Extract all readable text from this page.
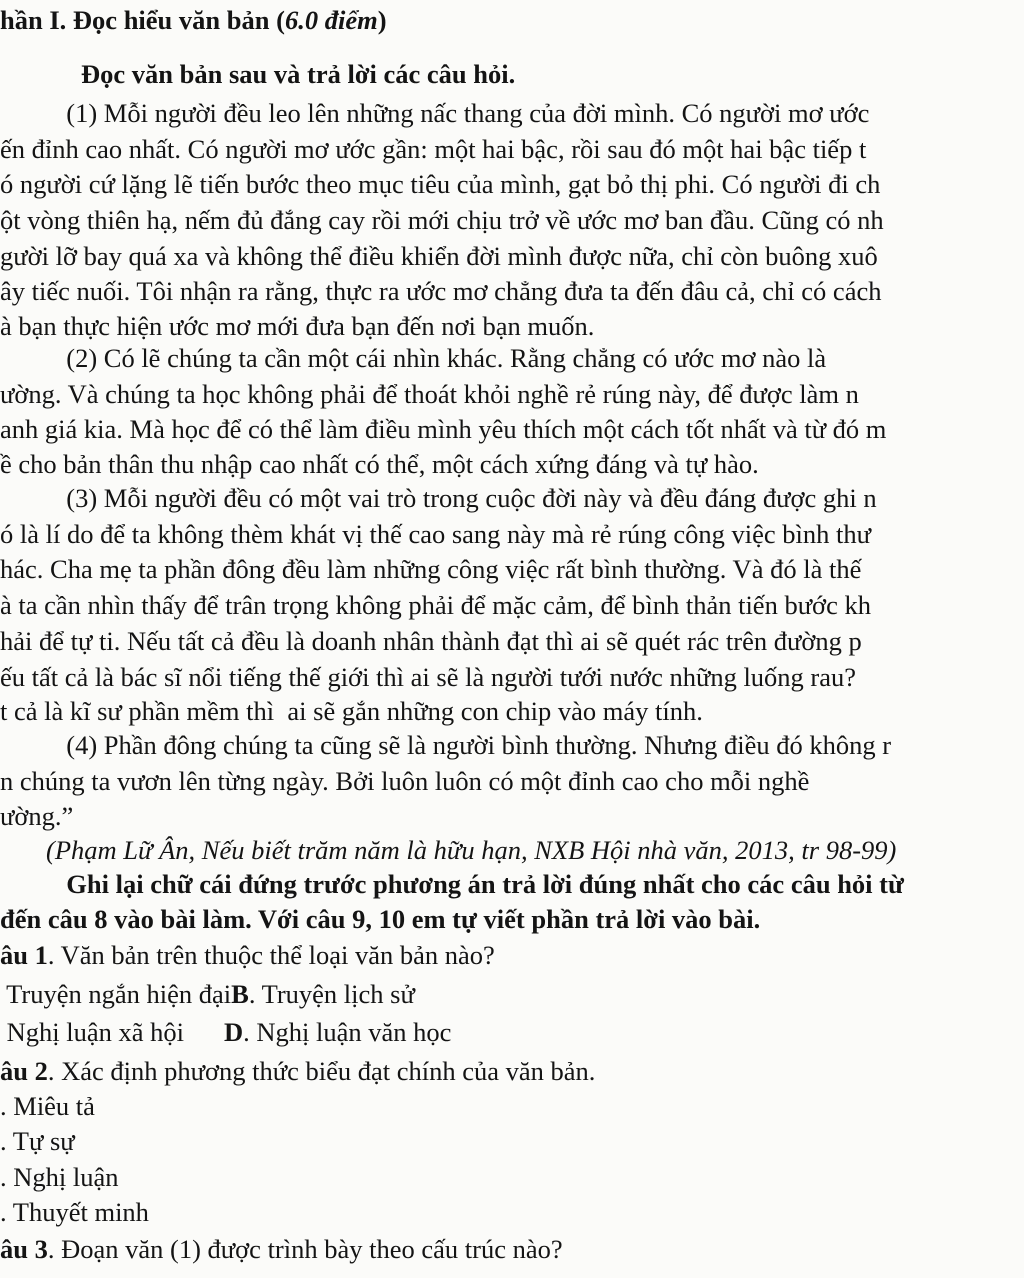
hần I. Đọc hiểu văn bản (6.0 điểm)
Đọc văn bản sau và trả lời các câu hỏi.
(1) Mỗi người đều leo lên những nấc thang của đời mình. Có người mơ ước
ến đỉnh cao nhất. Có người mơ ước gần: một hai bậc, rồi sau đó một hai bậc tiếp t
ó người cứ lặng lẽ tiến bước theo mục tiêu của mình, gạt bỏ thị phi. Có người đi ch
ột vòng thiên hạ, nếm đủ đắng cay rồi mới chịu trở về ước mơ ban đầu. Cũng có nh
gười lỡ bay quá xa và không thể điều khiển đời mình được nữa, chỉ còn buông xuô
ây tiếc nuối. Tôi nhận ra rằng, thực ra ước mơ chẳng đưa ta đến đâu cả, chỉ có cách
à bạn thực hiện ước mơ mới đưa bạn đến nơi bạn muốn.
(2) Có lẽ chúng ta cần một cái nhìn khác. Rằng chẳng có ước mơ nào là
ường. Và chúng ta học không phải để thoát khỏi nghề rẻ rúng này, để được làm n
anh giá kia. Mà học để có thể làm điều mình yêu thích một cách tốt nhất và từ đó m
ề cho bản thân thu nhập cao nhất có thể, một cách xứng đáng và tự hào.
(3) Mỗi người đều có một vai trò trong cuộc đời này và đều đáng được ghi n
ó là lí do để ta không thèm khát vị thế cao sang này mà rẻ rúng công việc bình thư
hác. Cha mẹ ta phần đông đều làm những công việc rất bình thường. Và đó là thế
à ta cần nhìn thấy để trân trọng không phải để mặc cảm, để bình thản tiến bước kh
hải để tự ti. Nếu tất cả đều là doanh nhân thành đạt thì ai sẽ quét rác trên đường p
ếu tất cả là bác sĩ nổi tiếng thế giới thì ai sẽ là người tưới nước những luống rau?
t cả là kĩ sư phần mềm thì  ai sẽ gắn những con chip vào máy tính.
(4) Phần đông chúng ta cũng sẽ là người bình thường. Nhưng điều đó không r
n chúng ta vươn lên từng ngày. Bởi luôn luôn có một đỉnh cao cho mỗi nghề
ường.”
(Phạm Lữ Ân, Nếu biết trăm năm là hữu hạn, NXB Hội nhà văn, 2013, tr 98-99)
Ghi lại chữ cái đứng trước phương án trả lời đúng nhất cho các câu hỏi từ
đến câu 8 vào bài làm. Với câu 9, 10 em tự viết phần trả lời vào bài.
âu 1. Văn bản trên thuộc thể loại văn bản nào?
Truyện ngắn hiện đạiB. Truyện lịch sử
Nghị luận xã hội D. Nghị luận văn học
âu 2. Xác định phương thức biểu đạt chính của văn bản.
. Miêu tả
. Tự sự
. Nghị luận
. Thuyết minh
âu 3. Đoạn văn (1) được trình bày theo cấu trúc nào?
